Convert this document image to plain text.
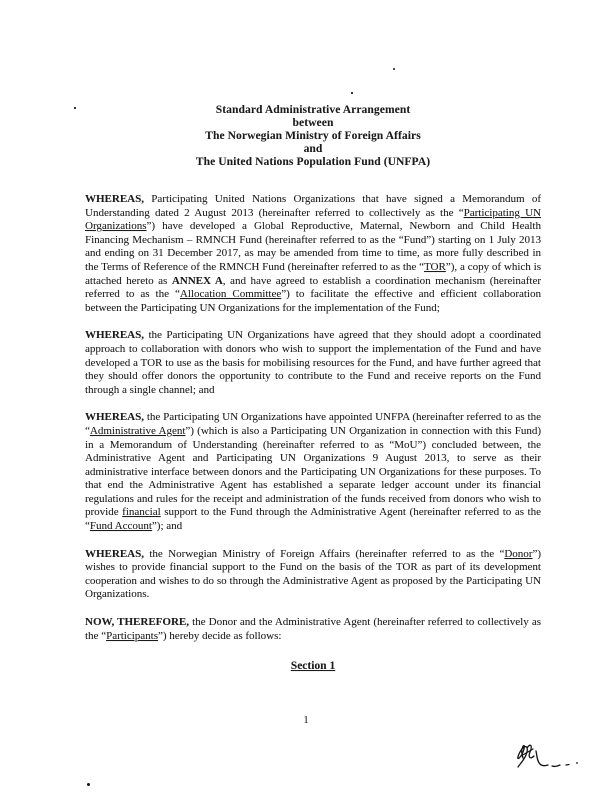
Standard Administrative Arrangement
between
The Norwegian Ministry of Foreign Affairs
and
The United Nations Population Fund (UNFPA)

WHEREAS, Participating United Nations Organizations that have signed a Memorandum of Understanding dated 2 August 2013 (hereinafter referred to collectively as the “Participating UN Organizations”) have developed a Global Reproductive, Maternal, Newborn and Child Health Financing Mechanism – RMNCH Fund (hereinafter referred to as the “Fund”) starting on 1 July 2013 and ending on 31 December 2017, as may be amended from time to time, as more fully described in the Terms of Reference of the RMNCH Fund (hereinafter referred to as the “TOR”), a copy of which is attached hereto as ANNEX A, and have agreed to establish a coordination mechanism (hereinafter referred to as the “Allocation Committee”) to facilitate the effective and efficient collaboration between the Participating UN Organizations for the implementation of the Fund;

WHEREAS, the Participating UN Organizations have agreed that they should adopt a coordinated approach to collaboration with donors who wish to support the implementation of the Fund and have developed a TOR to use as the basis for mobilising resources for the Fund, and have further agreed that they should offer donors the opportunity to contribute to the Fund and receive reports on the Fund through a single channel; and

WHEREAS, the Participating UN Organizations have appointed UNFPA (hereinafter referred to as the “Administrative Agent”) (which is also a Participating UN Organization in connection with this Fund) in a Memorandum of Understanding (hereinafter referred to as “MoU”) concluded between, the Administrative Agent and Participating UN Organizations 9 August 2013, to serve as their administrative interface between donors and the Participating UN Organizations for these purposes. To that end the Administrative Agent has established a separate ledger account under its financial regulations and rules for the receipt and administration of the funds received from donors who wish to provide financial support to the Fund through the Administrative Agent (hereinafter referred to as the “Fund Account”); and

WHEREAS, the Norwegian Ministry of Foreign Affairs (hereinafter referred to as the “Donor”) wishes to provide financial support to the Fund on the basis of the TOR as part of its development cooperation and wishes to do so through the Administrative Agent as proposed by the Participating UN Organizations.

NOW, THEREFORE, the Donor and the Administrative Agent (hereinafter referred to collectively as the “Participants”) hereby decide as follows:

Section 1
1
